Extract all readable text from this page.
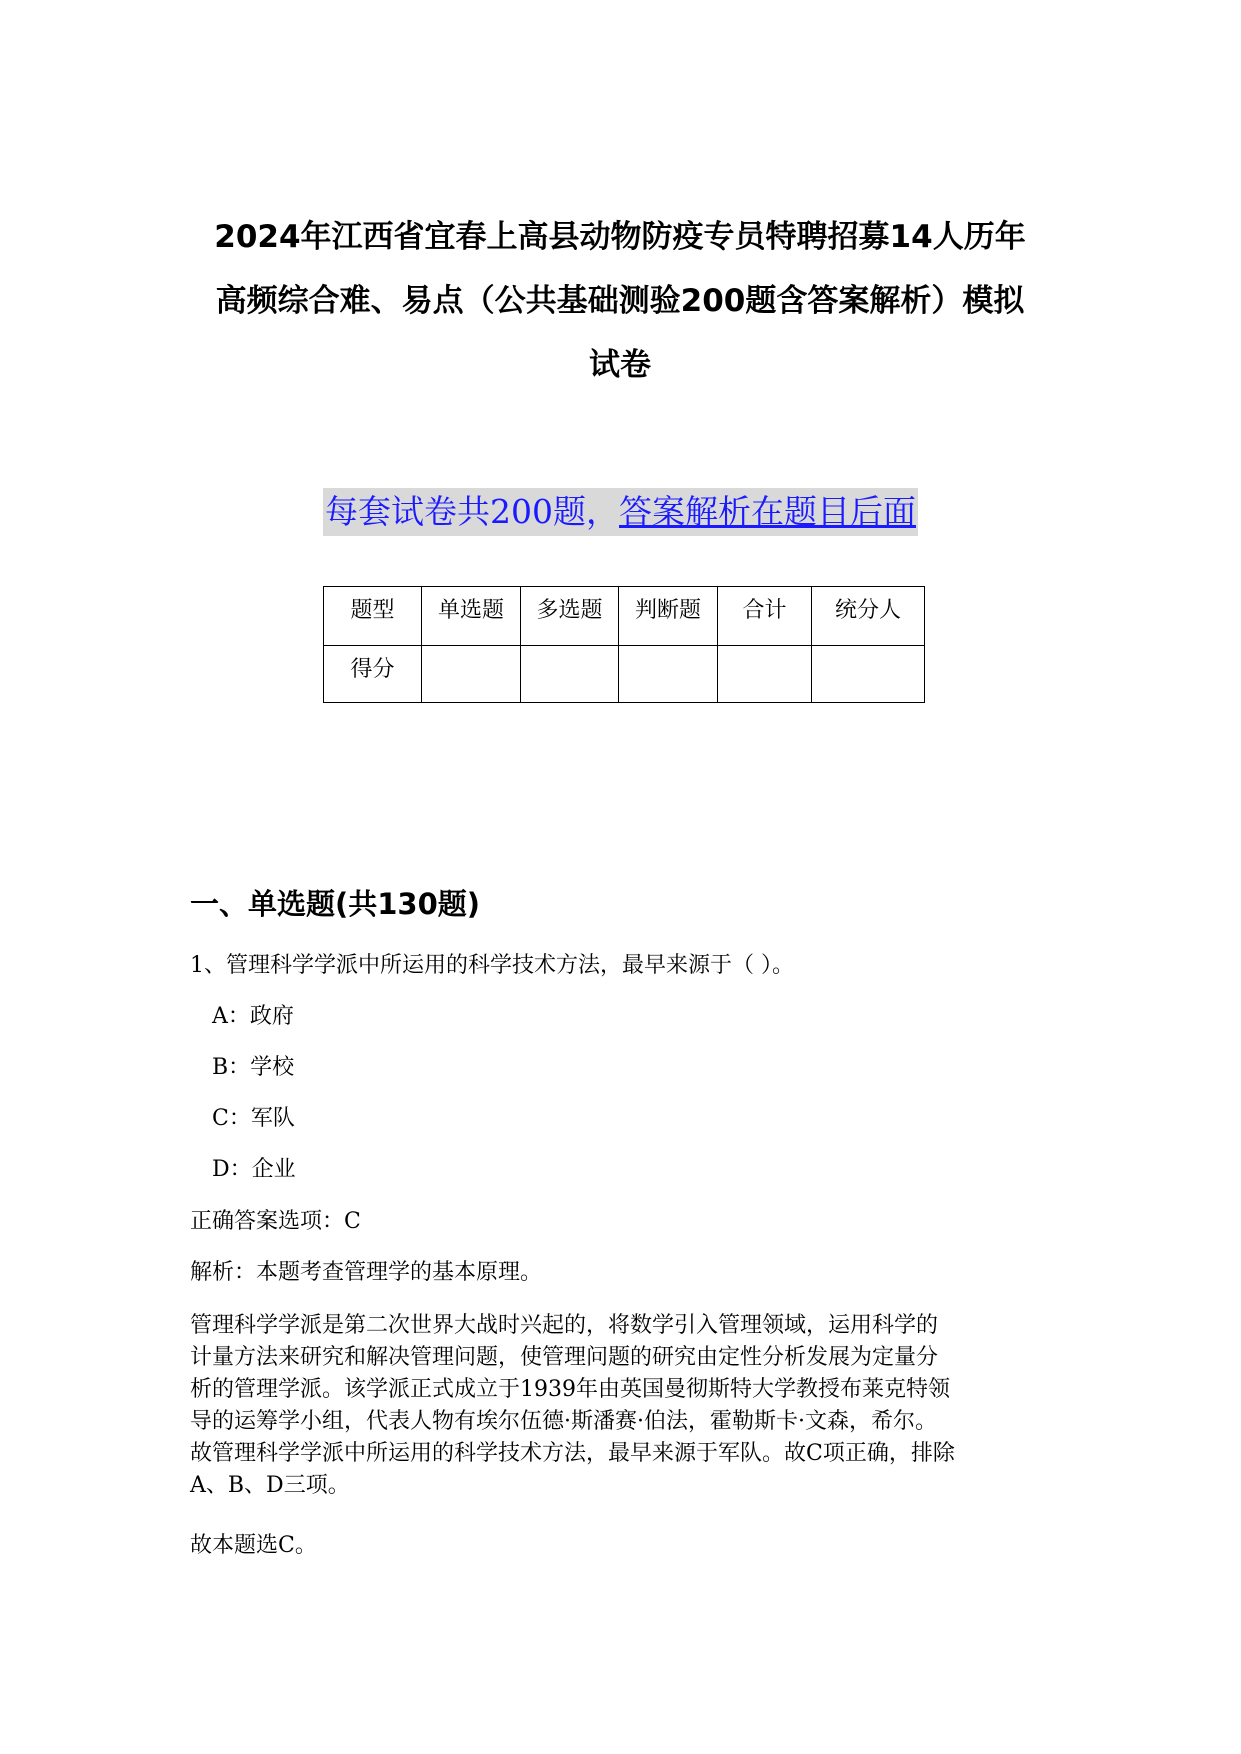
2024年江西省宜春上高县动物防疫专员特聘招募14人历年
高频综合难、易点（公共基础测验200题含答案解析）模拟
试卷
每套试卷共200题，答案解析在题目后面
题型	单选题	多选题	判断题	合计	统分人
得分					
一、单选题(共130题)

1、管理科学学派中所运用的科学技术方法，最早来源于（ ）。

A：政府

B：学校

C：军队

D：企业

正确答案选项：C

解析：本题考查管理学的基本原理。

管理科学学派是第二次世界大战时兴起的，将数学引入管理领域，运用科学的
计量方法来研究和解决管理问题，使管理问题的研究由定性分析发展为定量分
析的管理学派。该学派正式成立于1939年由英国曼彻斯特大学教授布莱克特领
导的运筹学小组，代表人物有埃尔伍德·斯潘赛·伯法，霍勒斯卡·文森，希尔。
故管理科学学派中所运用的科学技术方法，最早来源于军队。故C项正确，排除
A、B、D三项。

故本题选C。
